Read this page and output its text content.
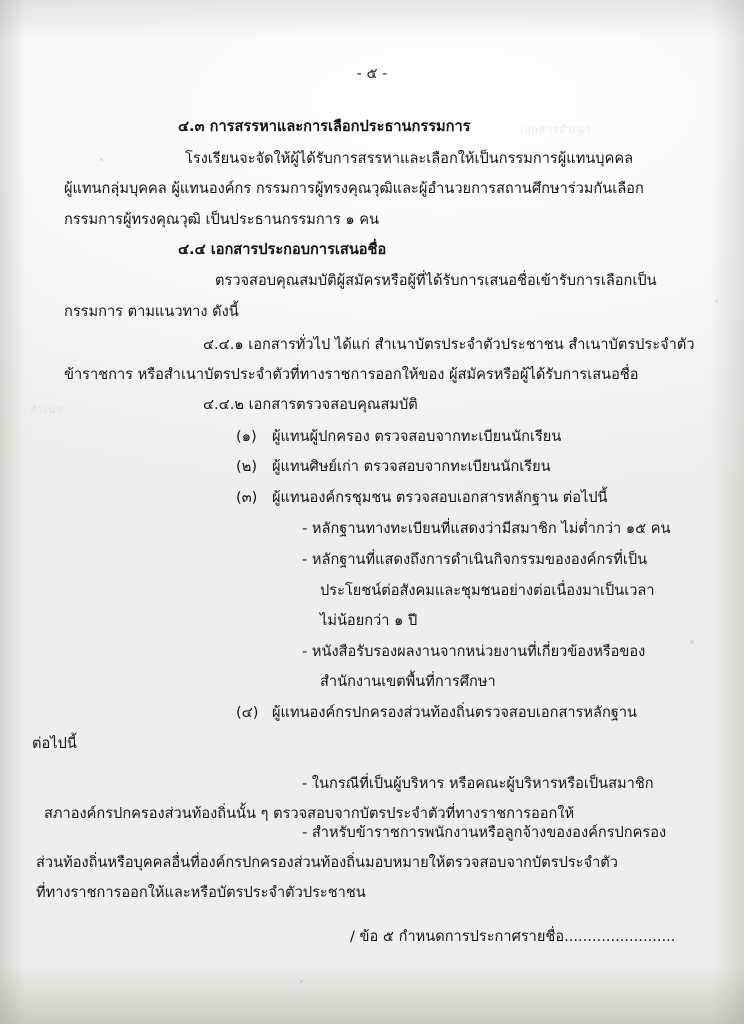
เอกสารสำเนา
สำเนา
- ๕ -
๔.๓ การสรรหาและการเลือกประธานกรรมการ
โรงเรียนจะจัดให้ผู้ได้รับการสรรหาและเลือกให้เป็นกรรมการผู้แทนบุคคล
ผู้แทนกลุ่มบุคคล ผู้แทนองค์กร กรรมการผู้ทรงคุณวุฒิและผู้อำนวยการสถานศึกษาร่วมกันเลือก
กรรมการผู้ทรงคุณวุฒิ เป็นประธานกรรมการ ๑ คน
๔.๔ เอกสารประกอบการเสนอชื่อ
ตรวจสอบคุณสมบัติผู้สมัครหรือผู้ที่ได้รับการเสนอชื่อเข้ารับการเลือกเป็น
กรรมการ ตามแนวทาง ดังนี้
๔.๔.๑ เอกสารทั่วไป ได้แก่ สำเนาบัตรประจำตัวประชาชน สำเนาบัตรประจำตัว
ข้าราชการ หรือสำเนาบัตรประจำตัวที่ทางราชการออกให้ของ ผู้สมัครหรือผู้ได้รับการเสนอชื่อ
๔.๔.๒ เอกสารตรวจสอบคุณสมบัติ
(๑) ผู้แทนผู้ปกครอง ตรวจสอบจากทะเบียนนักเรียน
(๒) ผู้แทนศิษย์เก่า ตรวจสอบจากทะเบียนนักเรียน
(๓) ผู้แทนองค์กรชุมชน ตรวจสอบเอกสารหลักฐาน ต่อไปนี้
- หลักฐานทางทะเบียนที่แสดงว่ามีสมาชิก ไม่ต่ำกว่า ๑๕ คน
- หลักฐานที่แสดงถึงการดำเนินกิจกรรมขององค์กรที่เป็น
ประโยชน์ต่อสังคมและชุมชนอย่างต่อเนื่องมาเป็นเวลา
ไม่น้อยกว่า ๑ ปี
- หนังสือรับรองผลงานจากหน่วยงานที่เกี่ยวข้องหรือของ
สำนักงานเขตพื้นที่การศึกษา
(๔) ผู้แทนองค์กรปกครองส่วนท้องถิ่นตรวจสอบเอกสารหลักฐาน
ต่อไปนี้
- ในกรณีที่เป็นผู้บริหาร หรือคณะผู้บริหารหรือเป็นสมาชิก
สภาองค์กรปกครองส่วนท้องถิ่นนั้น ๆ ตรวจสอบจากบัตรประจำตัวที่ทางราชการออกให้
- สำหรับข้าราชการพนักงานหรือลูกจ้างขององค์กรปกครอง
ส่วนท้องถิ่นหรือบุคคลอื่นที่องค์กรปกครองส่วนท้องถิ่นมอบหมายให้ตรวจสอบจากบัตรประจำตัว
ที่ทางราชการออกให้และหรือบัตรประจำตัวประชาชน
/ ข้อ ๕ กำหนดการประกาศรายชื่อ........................
